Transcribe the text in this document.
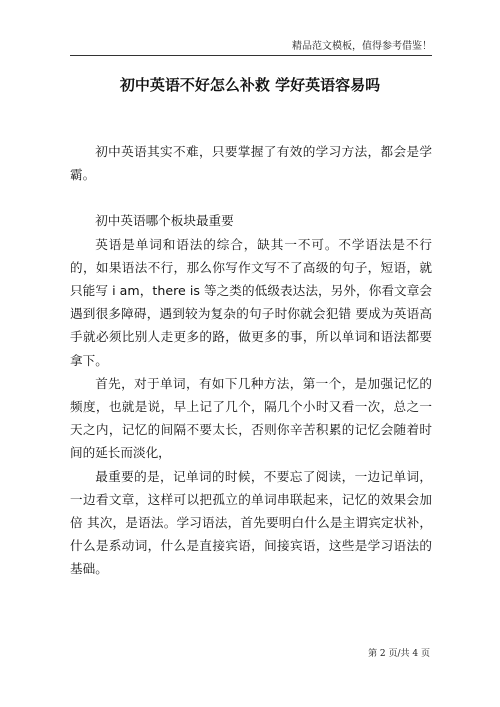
精品范文模板，值得参考借鉴！
初中英语不好怎么补救 学好英语容易吗

初中英语其实不难，只要掌握了有效的学习方法，都会是学霸。

初中英语哪个板块最重要

英语是单词和语法的综合，缺其一不可。不学语法是不行的，如果语法不行，那么你写作文写不了高级的句子，短语，就只能写 i am，there is 等之类的低级表达法，另外，你看文章会遇到很多障碍，遇到较为复杂的句子时你就会犯错 要成为英语高手就必须比别人走更多的路，做更多的事，所以单词和语法都要拿下。

首先，对于单词，有如下几种方法，第一个，是加强记忆的频度，也就是说，早上记了几个，隔几个小时又看一次，总之一天之内，记忆的间隔不要太长，否则你辛苦积累的记忆会随着时间的延长而淡化，

最重要的是，记单词的时候，不要忘了阅读，一边记单词，一边看文章，这样可以把孤立的单词串联起来，记忆的效果会加倍 其次，是语法。学习语法，首先要明白什么是主谓宾定状补，什么是系动词，什么是直接宾语，间接宾语，这些是学习语法的基础。

第 2 页/共 4 页
